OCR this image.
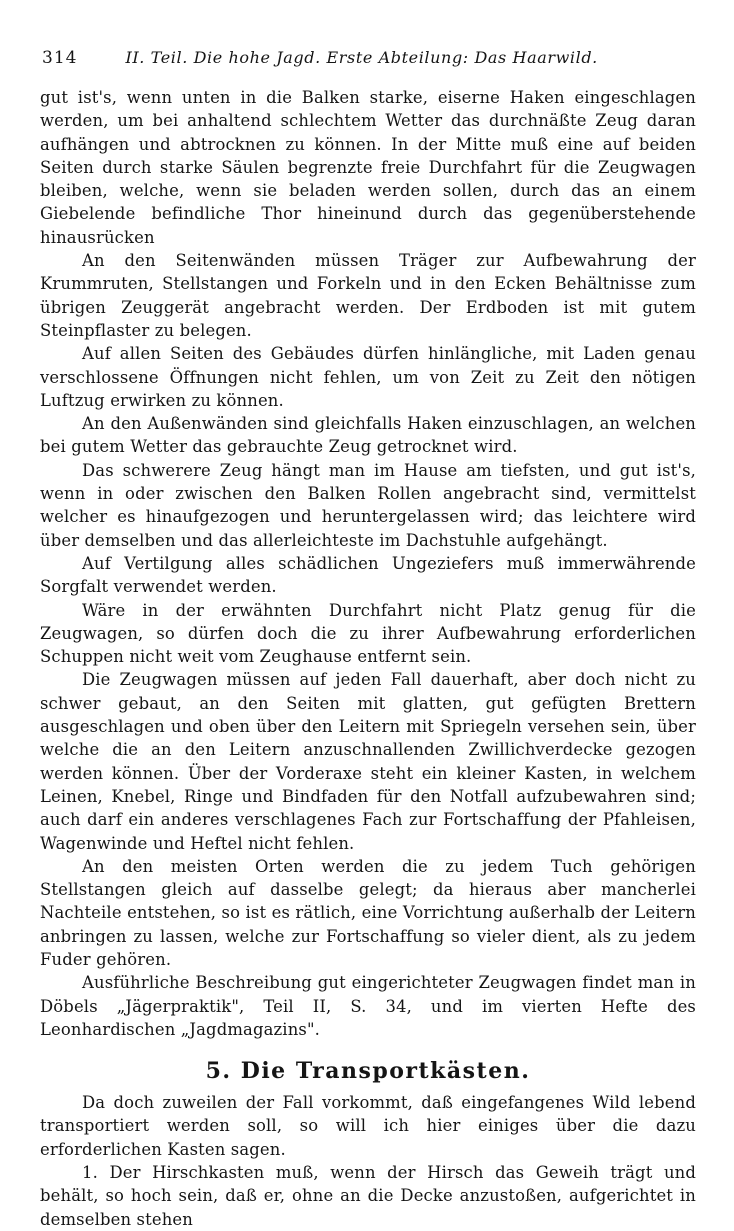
314	II. Teil. Die hohe Jagd. Erste Abteilung: Das Haarwild.

gut ist's, wenn unten in die Balken starke, eiserne Haken eingeschlagen werden, um bei anhaltend schlechtem Wetter das durchnäßte Zeug daran aufhängen und abtrocknen zu können. In der Mitte muß eine auf beiden Seiten durch starke Säulen begrenzte freie Durchfahrt für die Zeugwagen bleiben, welche, wenn sie beladen werden sollen, durch das an einem Giebelende befindliche Thor hineinund durch das gegenüberstehende hinausrücken

An den Seitenwänden müssen Träger zur Aufbewahrung der Krummruten, Stellstangen und Forkeln und in den Ecken Behältnisse zum übrigen Zeuggerät angebracht werden. Der Erdboden ist mit gutem Steinpflaster zu belegen.

Auf allen Seiten des Gebäudes dürfen hinlängliche, mit Laden genau verschlossene Öffnungen nicht fehlen, um von Zeit zu Zeit den nötigen Luftzug erwirken zu können.

An den Außenwänden sind gleichfalls Haken einzuschlagen, an welchen bei gutem Wetter das gebrauchte Zeug getrocknet wird.

Das schwerere Zeug hängt man im Hause am tiefsten, und gut ist's, wenn in oder zwischen den Balken Rollen angebracht sind, vermittelst welcher es hinaufgezogen und heruntergelassen wird; das leichtere wird über demselben und das allerleichteste im Dachstuhle aufgehängt.

Auf Vertilgung alles schädlichen Ungeziefers muß immerwährende Sorgfalt verwendet werden.

Wäre in der erwähnten Durchfahrt nicht Platz genug für die Zeugwagen, so dürfen doch die zu ihrer Aufbewahrung erforderlichen Schuppen nicht weit vom Zeughause entfernt sein.

Die Zeugwagen müssen auf jeden Fall dauerhaft, aber doch nicht zu schwer gebaut, an den Seiten mit glatten, gut gefügten Brettern ausgeschlagen und oben über den Leitern mit Spriegeln versehen sein, über welche die an den Leitern anzuschnallenden Zwillichverdecke gezogen werden können. Über der Vorderaxe steht ein kleiner Kasten, in welchem Leinen, Knebel, Ringe und Bindfaden für den Notfall aufzubewahren sind; auch darf ein anderes verschlagenes Fach zur Fortschaffung der Pfahleisen, Wagenwinde und Heftel nicht fehlen.

An den meisten Orten werden die zu jedem Tuch gehörigen Stellstangen gleich auf dasselbe gelegt; da hieraus aber mancherlei Nachteile entstehen, so ist es rätlich, eine Vorrichtung außerhalb der Leitern anbringen zu lassen, welche zur Fortschaffung so vieler dient, als zu jedem Fuder gehören.

Ausführliche Beschreibung gut eingerichteter Zeugwagen findet man in Döbels „Jägerpraktik", Teil II, S. 34, und im vierten Hefte des Leonhardischen „Jagdmagazins".

5. Die Transportkästen.

Da doch zuweilen der Fall vorkommt, daß eingefangenes Wild lebend transportiert werden soll, so will ich hier einiges über die dazu erforderlichen Kasten sagen.

1. Der Hirschkasten muß, wenn der Hirsch das Geweih trägt und behält, so hoch sein, daß er, ohne an die Decke anzustoßen, aufgerichtet in demselben stehen
